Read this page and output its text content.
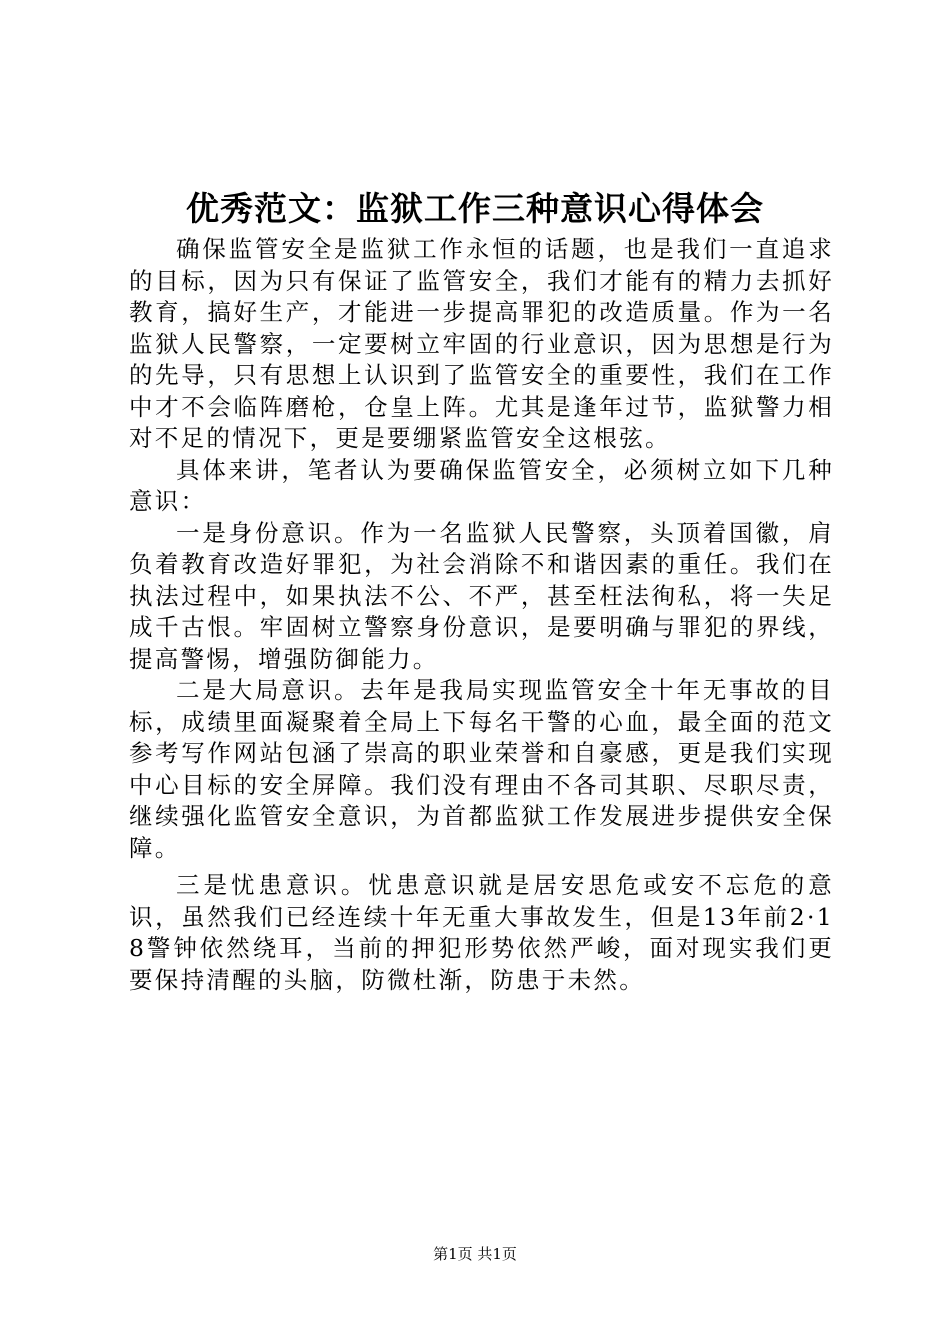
优秀范文：监狱工作三种意识心得体会

确保监管安全是监狱工作永恒的话题，也是我们一直追求的目标，因为只有保证了监管安全，我们才能有的精力去抓好教育，搞好生产，才能进一步提高罪犯的改造质量。作为一名监狱人民警察，一定要树立牢固的行业意识，因为思想是行为的先导，只有思想上认识到了监管安全的重要性，我们在工作中才不会临阵磨枪，仓皇上阵。尤其是逢年过节，监狱警力相对不足的情况下，更是要绷紧监管安全这根弦。

具体来讲，笔者认为要确保监管安全，必须树立如下几种意识：

一是身份意识。作为一名监狱人民警察，头顶着国徽，肩负着教育改造好罪犯，为社会消除不和谐因素的重任。我们在执法过程中，如果执法不公、不严，甚至枉法徇私，将一失足成千古恨。牢固树立警察身份意识，是要明确与罪犯的界线，提高警惕，增强防御能力。

二是大局意识。去年是我局实现监管安全十年无事故的目标，成绩里面凝聚着全局上下每名干警的心血，最全面的范文参考写作网站包涵了崇高的职业荣誉和自豪感，更是我们实现中心目标的安全屏障。我们没有理由不各司其职、尽职尽责，继续强化监管安全意识，为首都监狱工作发展进步提供安全保障。

三是忧患意识。忧患意识就是居安思危或安不忘危的意识，虽然我们已经连续十年无重大事故发生，但是13年前2·18警钟依然绕耳，当前的押犯形势依然严峻，面对现实我们更要保持清醒的头脑，防微杜渐，防患于未然。

第1页 共1页
